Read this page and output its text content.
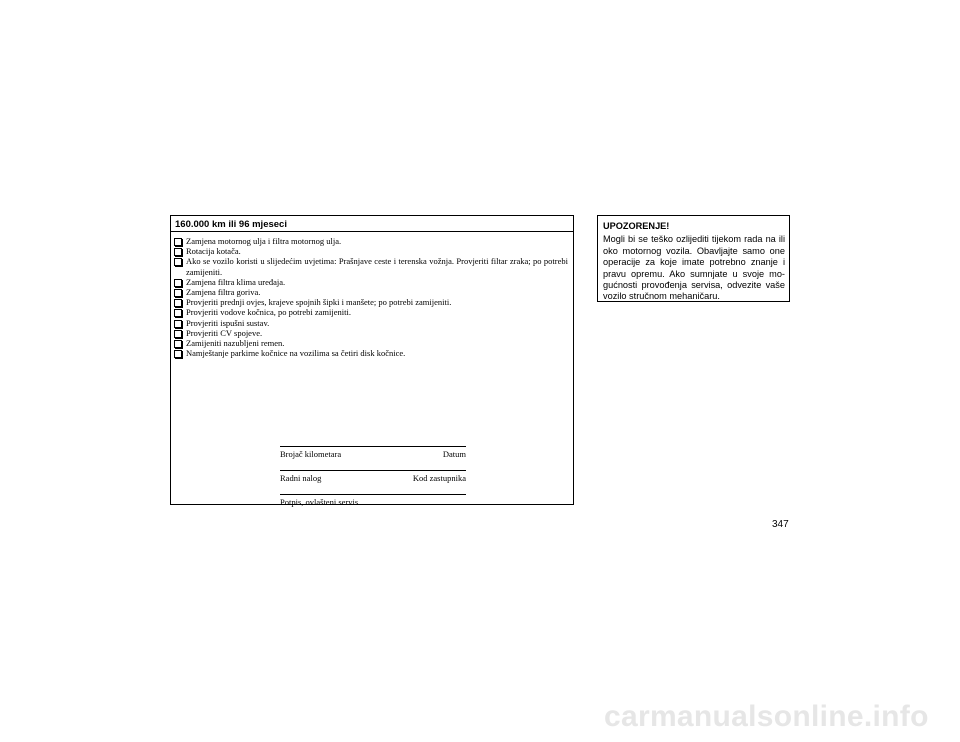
160.000 km ili 96 mjeseci
Zamjena motornog ulja i filtra motornog ulja.
Rotacija kotača.
Ako se vozilo koristi u slijedećim uvjetima: Prašnjave ceste i terenska vožnja. Provjeriti filtar zraka; po potrebi zamijeniti.
Zamjena filtra klima uređaja.
Zamjena filtra goriva.
Provjeriti prednji ovjes, krajeve spojnih šipki i manšete; po potrebi zamijeniti.
Provjeriti vodove kočnica, po potrebi zamijeniti.
Provjeriti ispušni sustav.
Provjeriti CV spojeve.
Zamijeniti nazubljeni remen.
Namještanje parkirne kočnice na vozilima sa četiri disk kočnice.
Brojač kilometara	Datum
Radni nalog	Kod zastupnika
Potpis, ovlašteni servis
UPOZORENJE!
Mogli bi se teško ozlijediti tijekom rada na ili oko motornog vozila. Obavljajte samo one operacije za koje imate potrebno znanje i pravu opremu. Ako sumnjate u svoje mo-gućnosti provođenja servisa, odvezite vaše vozilo stručnom mehaničaru.
347
carmanualsonline.info
